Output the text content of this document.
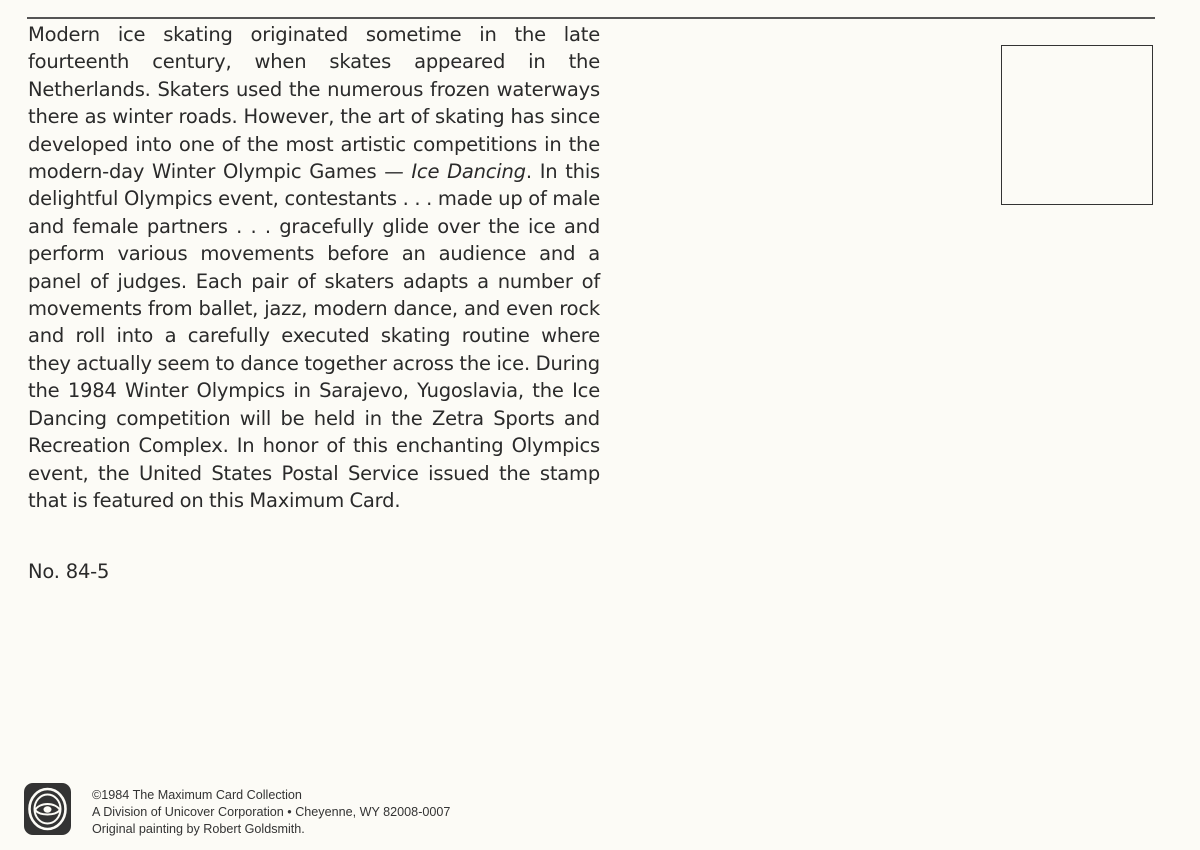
Modern ice skating originated sometime in the late fourteenth century, when skates appeared in the Netherlands. Skaters used the numerous frozen waterways there as winter roads. However, the art of skating has since developed into one of the most artistic competitions in the modern-day Winter Olympic Games — Ice Dancing. In this delightful Olympics event, contestants . . . made up of male and female partners . . . gracefully glide over the ice and perform various movements before an audience and a panel of judges. Each pair of skaters adapts a number of movements from ballet, jazz, modern dance, and even rock and roll into a carefully executed skating routine where they actually seem to dance together across the ice. During the 1984 Winter Olympics in Sarajevo, Yugoslavia, the Ice Dancing competition will be held in the Zetra Sports and Recreation Complex. In honor of this enchanting Olympics event, the United States Postal Service issued the stamp that is featured on this Maximum Card.

No. 84-5

©1984 The Maximum Card Collection
A Division of Unicover Corporation • Cheyenne, WY 82008-0007
Original painting by Robert Goldsmith.
